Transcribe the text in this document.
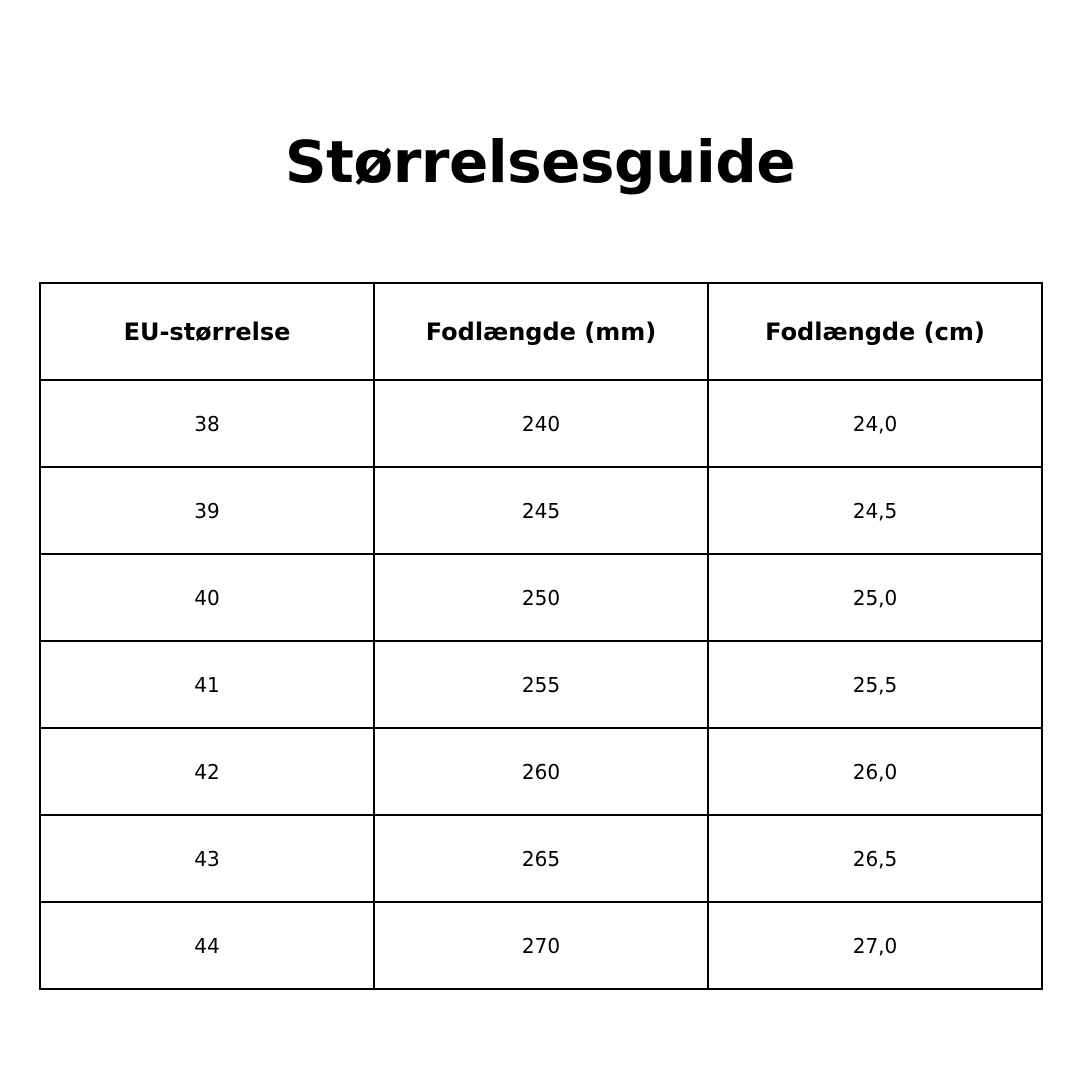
Størrelsesguide
EU-størrelse	Fodlængde (mm)	Fodlængde (cm)
38	240	24,0
39	245	24,5
40	250	25,0
41	255	25,5
42	260	26,0
43	265	26,5
44	270	27,0
